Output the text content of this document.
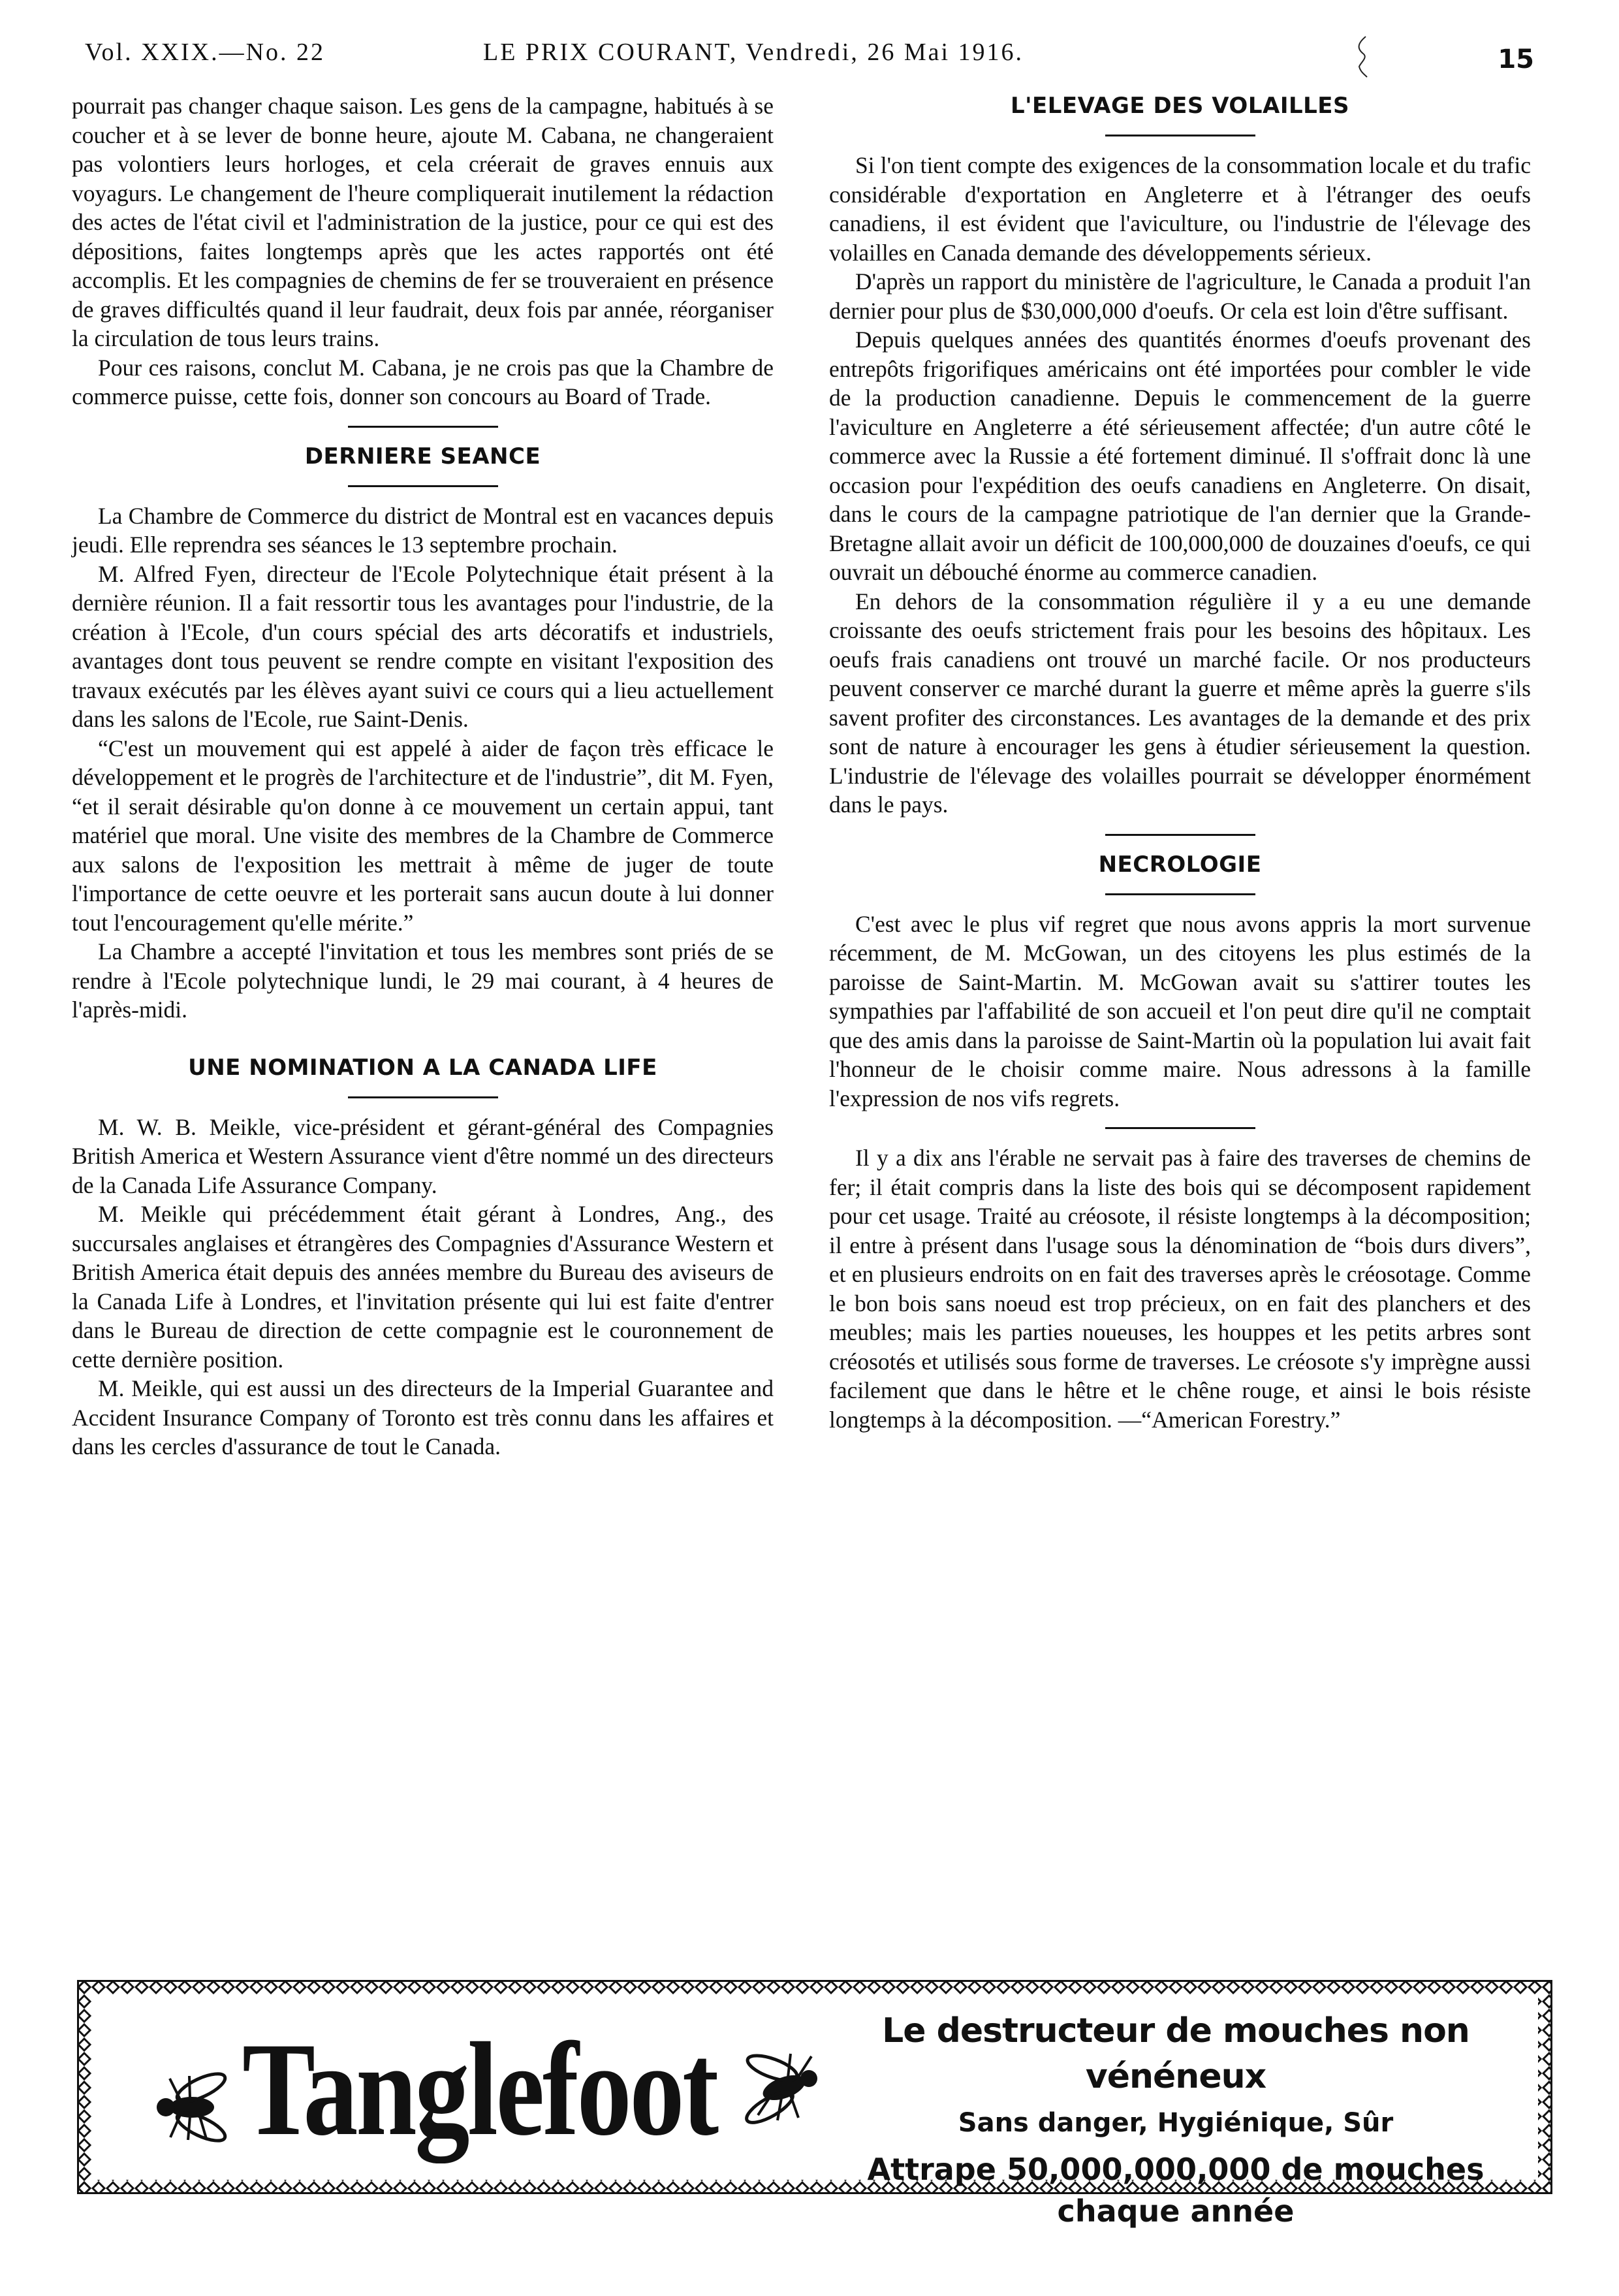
Vol. XXIX.—No. 22	LE PRIX COURANT, Vendredi, 26 Mai 1916.	15

pourrait pas changer chaque saison. Les gens de la campagne, habitués à se coucher et à se lever de bonne heure, ajoute M. Cabana, ne changeraient pas volontiers leurs horloges, et cela créerait de graves ennuis aux voyagurs. Le changement de l'heure compliquerait inutilement la rédaction des actes de l'état civil et l'administration de la justice, pour ce qui est des dépositions, faites longtemps après que les actes rapportés ont été accomplis. Et les compagnies de chemins de fer se trouveraient en présence de graves difficultés quand il leur faudrait, deux fois par année, réorganiser la circulation de tous leurs trains.

Pour ces raisons, conclut M. Cabana, je ne crois pas que la Chambre de commerce puisse, cette fois, donner son concours au Board of Trade.

DERNIERE SEANCE

La Chambre de Commerce du district de Montral est en vacances depuis jeudi. Elle reprendra ses séances le 13 septembre prochain.

M. Alfred Fyen, directeur de l'Ecole Polytechnique était présent à la dernière réunion. Il a fait ressortir tous les avantages pour l'industrie, de la création à l'Ecole, d'un cours spécial des arts décoratifs et industriels, avantages dont tous peuvent se rendre compte en visitant l'exposition des travaux exécutés par les élèves ayant suivi ce cours qui a lieu actuellement dans les salons de l'Ecole, rue Saint-Denis.

“C'est un mouvement qui est appelé à aider de façon très efficace le développement et le progrès de l'architecture et de l'industrie”, dit M. Fyen, “et il serait désirable qu'on donne à ce mouvement un certain appui, tant matériel que moral. Une visite des membres de la Chambre de Commerce aux salons de l'exposition les mettrait à même de juger de toute l'importance de cette oeuvre et les porterait sans aucun doute à lui donner tout l'encouragement qu'elle mérite.”

La Chambre a accepté l'invitation et tous les membres sont priés de se rendre à l'Ecole polytechnique lundi, le 29 mai courant, à 4 heures de l'après-midi.

UNE NOMINATION A LA CANADA LIFE

M. W. B. Meikle, vice-président et gérant-général des Compagnies British America et Western Assurance vient d'être nommé un des directeurs de la Canada Life Assurance Company.

M. Meikle qui précédemment était gérant à Londres, Ang., des succursales anglaises et étrangères des Compagnies d'Assurance Western et British America était depuis des années membre du Bureau des aviseurs de la Canada Life à Londres, et l'invitation présente qui lui est faite d'entrer dans le Bureau de direction de cette compagnie est le couronnement de cette dernière position.

M. Meikle, qui est aussi un des directeurs de la Imperial Guarantee and Accident Insurance Company of Toronto est très connu dans les affaires et dans les cercles d'assurance de tout le Canada.

L'ELEVAGE DES VOLAILLES

Si l'on tient compte des exigences de la consommation locale et du trafic considérable d'exportation en Angleterre et à l'étranger des oeufs canadiens, il est évident que l'aviculture, ou l'industrie de l'élevage des volailles en Canada demande des développements sérieux.

D'après un rapport du ministère de l'agriculture, le Canada a produit l'an dernier pour plus de $30,000,000 d'oeufs. Or cela est loin d'être suffisant.

Depuis quelques années des quantités énormes d'oeufs provenant des entrepôts frigorifiques américains ont été importées pour combler le vide de la production canadienne. Depuis le commencement de la guerre l'aviculture en Angleterre a été sérieusement affectée; d'un autre côté le commerce avec la Russie a été fortement diminué. Il s'offrait donc là une occasion pour l'expédition des oeufs canadiens en Angleterre. On disait, dans le cours de la campagne patriotique de l'an dernier que la Grande-Bretagne allait avoir un déficit de 100,000,000 de douzaines d'oeufs, ce qui ouvrait un débouché énorme au commerce canadien.

En dehors de la consommation régulière il y a eu une demande croissante des oeufs strictement frais pour les besoins des hôpitaux. Les oeufs frais canadiens ont trouvé un marché facile. Or nos producteurs peuvent conserver ce marché durant la guerre et même après la guerre s'ils savent profiter des circonstances. Les avantages de la demande et des prix sont de nature à encourager les gens à étudier sérieusement la question. L'industrie de l'élevage des volailles pourrait se développer énormément dans le pays.

NECROLOGIE

C'est avec le plus vif regret que nous avons appris la mort survenue récemment, de M. McGowan, un des citoyens les plus estimés de la paroisse de Saint-Martin. M. McGowan avait su s'attirer toutes les sympathies par l'affabilité de son accueil et l'on peut dire qu'il ne comptait que des amis dans la paroisse de Saint-Martin où la population lui avait fait l'honneur de le choisir comme maire. Nous adressons à la famille l'expression de nos vifs regrets.

Il y a dix ans l'érable ne servait pas à faire des traverses de chemins de fer; il était compris dans la liste des bois qui se décomposent rapidement pour cet usage. Traité au créosote, il résiste longtemps à la décomposition; il entre à présent dans l'usage sous la dénomination de “bois durs divers”, et en plusieurs endroits on en fait des traverses après le créosotage. Comme le bon bois sans noeud est trop précieux, on en fait des planchers et des meubles; mais les parties noueuses, les houppes et les petits arbres sont créosotés et utilisés sous forme de traverses. Le créosote s'y imprègne aussi facilement que dans le hêtre et le chêne rouge, et ainsi le bois résiste longtemps à la décomposition. —“American Forestry.”

Tanglefoot	Le destructeur de mouches non vénéneux
Sans danger, Hygiénique, Sûr
Attrape 50,000,000,000 de mouches
chaque année
